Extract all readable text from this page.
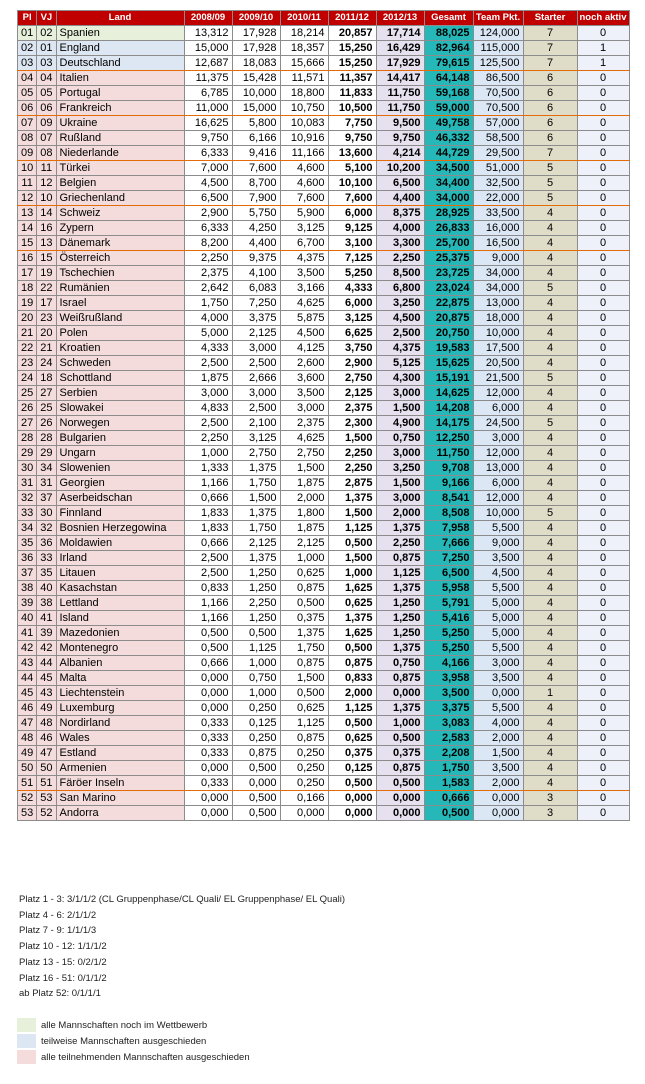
Pl	VJ	Land	2008/09	2009/10	2010/11	2011/12	2012/13	Gesamt	Team Pkt.	Starter	noch aktiv
01	02	Spanien	13,312	17,928	18,214	20,857	17,714	88,025	124,000	7	0
02	01	England	15,000	17,928	18,357	15,250	16,429	82,964	115,000	7	1
03	03	Deutschland	12,687	18,083	15,666	15,250	17,929	79,615	125,500	7	1
04	04	Italien	11,375	15,428	11,571	11,357	14,417	64,148	86,500	6	0
05	05	Portugal	6,785	10,000	18,800	11,833	11,750	59,168	70,500	6	0
06	06	Frankreich	11,000	15,000	10,750	10,500	11,750	59,000	70,500	6	0
07	09	Ukraine	16,625	5,800	10,083	7,750	9,500	49,758	57,000	6	0
08	07	Rußland	9,750	6,166	10,916	9,750	9,750	46,332	58,500	6	0
09	08	Niederlande	6,333	9,416	11,166	13,600	4,214	44,729	29,500	7	0
10	11	Türkei	7,000	7,600	4,600	5,100	10,200	34,500	51,000	5	0
11	12	Belgien	4,500	8,700	4,600	10,100	6,500	34,400	32,500	5	0
12	10	Griechenland	6,500	7,900	7,600	7,600	4,400	34,000	22,000	5	0
13	14	Schweiz	2,900	5,750	5,900	6,000	8,375	28,925	33,500	4	0
14	16	Zypern	6,333	4,250	3,125	9,125	4,000	26,833	16,000	4	0
15	13	Dänemark	8,200	4,400	6,700	3,100	3,300	25,700	16,500	4	0
16	15	Österreich	2,250	9,375	4,375	7,125	2,250	25,375	9,000	4	0
17	19	Tschechien	2,375	4,100	3,500	5,250	8,500	23,725	34,000	4	0
18	22	Rumänien	2,642	6,083	3,166	4,333	6,800	23,024	34,000	5	0
19	17	Israel	1,750	7,250	4,625	6,000	3,250	22,875	13,000	4	0
20	23	Weißrußland	4,000	3,375	5,875	3,125	4,500	20,875	18,000	4	0
21	20	Polen	5,000	2,125	4,500	6,625	2,500	20,750	10,000	4	0
22	21	Kroatien	4,333	3,000	4,125	3,750	4,375	19,583	17,500	4	0
23	24	Schweden	2,500	2,500	2,600	2,900	5,125	15,625	20,500	4	0
24	18	Schottland	1,875	2,666	3,600	2,750	4,300	15,191	21,500	5	0
25	27	Serbien	3,000	3,000	3,500	2,125	3,000	14,625	12,000	4	0
26	25	Slowakei	4,833	2,500	3,000	2,375	1,500	14,208	6,000	4	0
27	26	Norwegen	2,500	2,100	2,375	2,300	4,900	14,175	24,500	5	0
28	28	Bulgarien	2,250	3,125	4,625	1,500	0,750	12,250	3,000	4	0
29	29	Ungarn	1,000	2,750	2,750	2,250	3,000	11,750	12,000	4	0
30	34	Slowenien	1,333	1,375	1,500	2,250	3,250	9,708	13,000	4	0
31	31	Georgien	1,166	1,750	1,875	2,875	1,500	9,166	6,000	4	0
32	37	Aserbeidschan	0,666	1,500	2,000	1,375	3,000	8,541	12,000	4	0
33	30	Finnland	1,833	1,375	1,800	1,500	2,000	8,508	10,000	5	0
34	32	Bosnien Herzegowina	1,833	1,750	1,875	1,125	1,375	7,958	5,500	4	0
35	36	Moldawien	0,666	2,125	2,125	0,500	2,250	7,666	9,000	4	0
36	33	Irland	2,500	1,375	1,000	1,500	0,875	7,250	3,500	4	0
37	35	Litauen	2,500	1,250	0,625	1,000	1,125	6,500	4,500	4	0
38	40	Kasachstan	0,833	1,250	0,875	1,625	1,375	5,958	5,500	4	0
39	38	Lettland	1,166	2,250	0,500	0,625	1,250	5,791	5,000	4	0
40	41	Island	1,166	1,250	0,375	1,375	1,250	5,416	5,000	4	0
41	39	Mazedonien	0,500	0,500	1,375	1,625	1,250	5,250	5,000	4	0
42	42	Montenegro	0,500	1,125	1,750	0,500	1,375	5,250	5,500	4	0
43	44	Albanien	0,666	1,000	0,875	0,875	0,750	4,166	3,000	4	0
44	45	Malta	0,000	0,750	1,500	0,833	0,875	3,958	3,500	4	0
45	43	Liechtenstein	0,000	1,000	0,500	2,000	0,000	3,500	0,000	1	0
46	49	Luxemburg	0,000	0,250	0,625	1,125	1,375	3,375	5,500	4	0
47	48	Nordirland	0,333	0,125	1,125	0,500	1,000	3,083	4,000	4	0
48	46	Wales	0,333	0,250	0,875	0,625	0,500	2,583	2,000	4	0
49	47	Estland	0,333	0,875	0,250	0,375	0,375	2,208	1,500	4	0
50	50	Armenien	0,000	0,500	0,250	0,125	0,875	1,750	3,500	4	0
51	51	Färöer Inseln	0,333	0,000	0,250	0,500	0,500	1,583	2,000	4	0
52	53	San Marino	0,000	0,500	0,166	0,000	0,000	0,666	0,000	3	0
53	52	Andorra	0,000	0,500	0,000	0,000	0,000	0,500	0,000	3	0
Platz 1 - 3: 3/1/1/2 (CL Gruppenphase/CL Quali/ EL Gruppenphase/ EL Quali)
Platz 4 - 6: 2/1/1/2
Platz 7 - 9: 1/1/1/3
Platz 10 - 12: 1/1/1/2
Platz 13 - 15: 0/2/1/2
Platz 16 - 51: 0/1/1/2
ab Platz 52: 0/1/1/1
alle Mannschaften noch im Wettbewerb
teilweise Mannschaften ausgeschieden
alle teilnehmenden Mannschaften ausgeschieden
